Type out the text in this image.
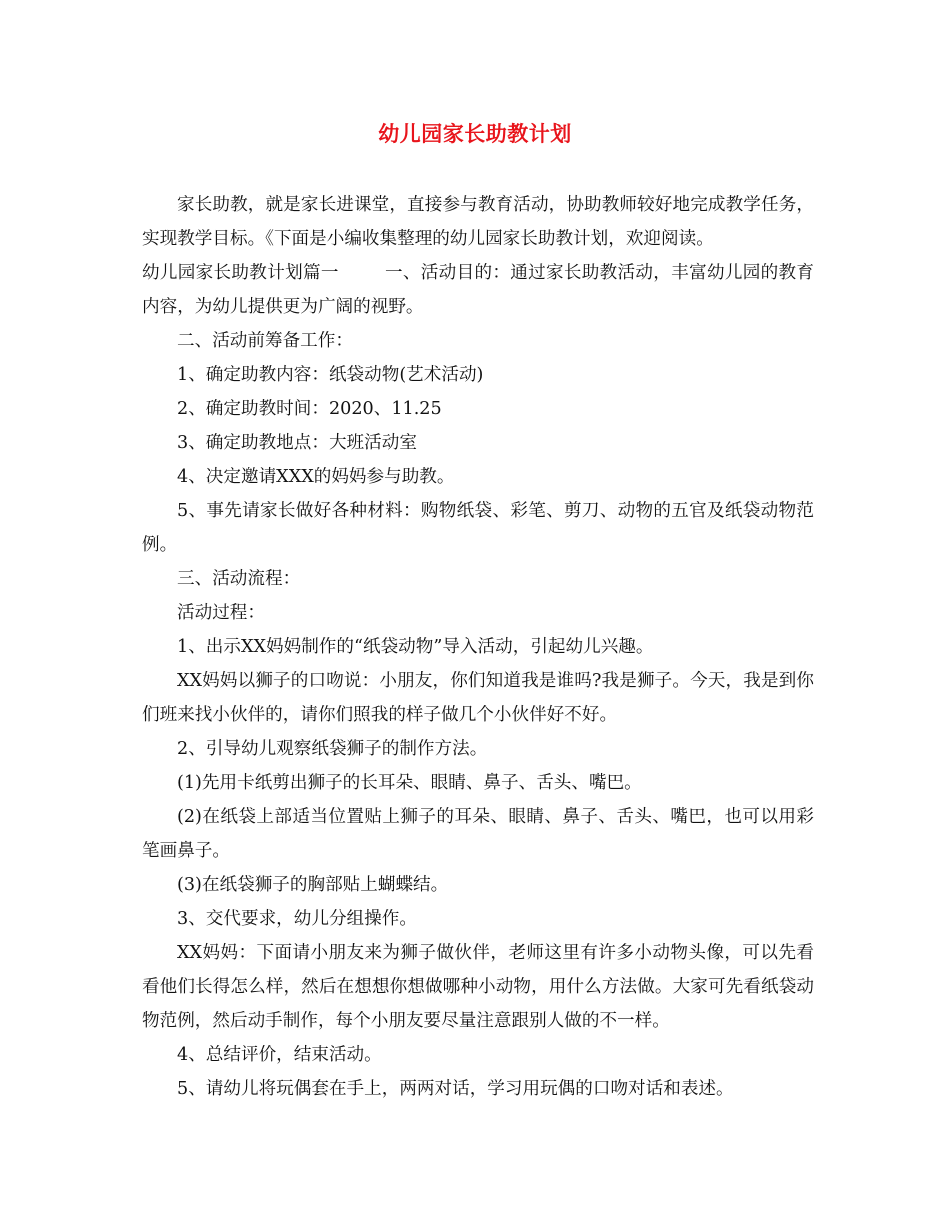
幼儿园家长助教计划

家长助教，就是家长进课堂，直接参与教育活动，协助教师较好地完成教学任务，实现教学目标。《下面是小编收集整理的幼儿园家长助教计划，欢迎阅读。

幼儿园家长助教计划篇一	一、活动目的：通过家长助教活动，丰富幼儿园的教育内容，为幼儿提供更为广阔的视野。

二、活动前筹备工作：

1、确定助教内容：纸袋动物(艺术活动)

2、确定助教时间：2020、11.25

3、确定助教地点：大班活动室

4、决定邀请XXX的妈妈参与助教。

5、事先请家长做好各种材料：购物纸袋、彩笔、剪刀、动物的五官及纸袋动物范例。

三、活动流程：

活动过程：

1、出示XX妈妈制作的“纸袋动物”导入活动，引起幼儿兴趣。

XX妈妈以狮子的口吻说：小朋友，你们知道我是谁吗?我是狮子。今天，我是到你们班来找小伙伴的，请你们照我的样子做几个小伙伴好不好。

2、引导幼儿观察纸袋狮子的制作方法。

(1)先用卡纸剪出狮子的长耳朵、眼睛、鼻子、舌头、嘴巴。

(2)在纸袋上部适当位置贴上狮子的耳朵、眼睛、鼻子、舌头、嘴巴，也可以用彩笔画鼻子。

(3)在纸袋狮子的胸部贴上蝴蝶结。

3、交代要求，幼儿分组操作。

XX妈妈：下面请小朋友来为狮子做伙伴，老师这里有许多小动物头像，可以先看看他们长得怎么样，然后在想想你想做哪种小动物，用什么方法做。大家可先看纸袋动物范例，然后动手制作，每个小朋友要尽量注意跟别人做的不一样。

4、总结评价，结束活动。

5、请幼儿将玩偶套在手上，两两对话，学习用玩偶的口吻对话和表述。
